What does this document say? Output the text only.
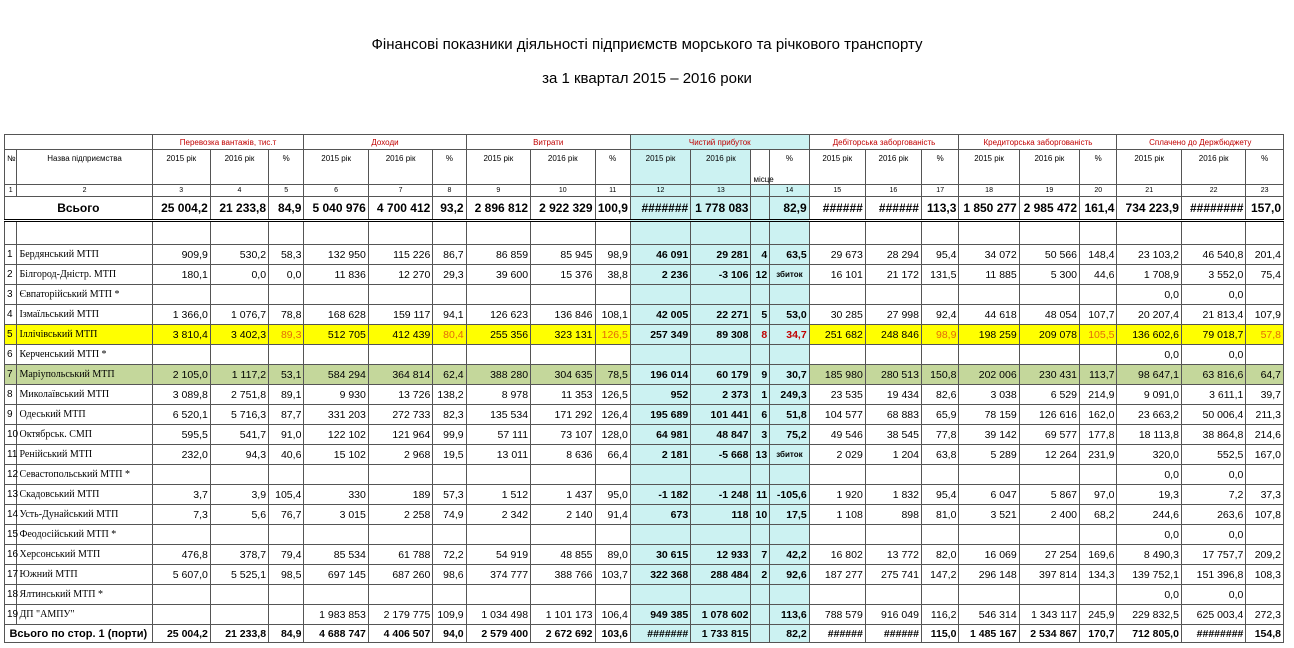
Фінансові показники діяльності підприємств морського та річкового транспорту
за 1 квартал 2015 – 2016 роки
		Перевозка вантажів, тис.т			Доходи			Витрати			Чистий прибуток				Дебіторська заборгованість			Кредиторська заборгованість			Сплачено до Держбюджету		
№	Назва підприємства	2015 рік	2016 рік	%	2015 рік	2016 рік	%	2015 рік	2016 рік	%	2015 рік	2016 рік	місце	%	2015 рік	2016 рік	%	2015 рік	2016 рік	%	2015 рік	2016 рік	%
1	2	3	4	5	6	7	8	9	10	11	12	13		14	15	16	17	18	19	20	21	22	23
Всього		25 004,2	21 233,8	84,9	5 040 976	4 700 412	93,2	2 896 812	2 922 329	100,9	#######	1 778 083		82,9	######	######	113,3	1 850 277	2 985 472	161,4	734 223,9	########	157,0

1	Бердянський МТП	909,9	530,2	58,3	132 950	115 226	86,7	86 859	85 945	98,9	46 091	29 281	4	63,5	29 673	28 294	95,4	34 072	50 566	148,4	23 103,2	46 540,8	201,4
2	Білгород-Дністр. МТП	180,1	0,0	0,0	11 836	12 270	29,3	39 600	15 376	38,8	2 236	-3 106	12	збиток	16 101	21 172	131,5	11 885	5 300	44,6	1 708,9	3 552,0	75,4
3	Євпаторійський МТП *																				0,0	0,0	
4	Ізмаїльський МТП	1 366,0	1 076,7	78,8	168 628	159 117	94,1	126 623	136 846	108,1	42 005	22 271	5	53,0	30 285	27 998	92,4	44 618	48 054	107,7	20 207,4	21 813,4	107,9
5	Іллічівський МТП	3 810,4	3 402,3	89,3	512 705	412 439	80,4	255 356	323 131	126,5	257 349	89 308	8	34,7	251 682	248 846	98,9	198 259	209 078	105,5	136 602,6	79 018,7	57,8
6	Керченський МТП *																				0,0	0,0	
7	Маріупольський МТП	2 105,0	1 117,2	53,1	584 294	364 814	62,4	388 280	304 635	78,5	196 014	60 179	9	30,7	185 980	280 513	150,8	202 006	230 431	113,7	98 647,1	63 816,6	64,7
8	Миколаївський МТП	3 089,8	2 751,8	89,1	9 930	13 726	138,2	8 978	11 353	126,5	952	2 373	1	249,3	23 535	19 434	82,6	3 038	6 529	214,9	9 091,0	3 611,1	39,7
9	Одеський МТП	6 520,1	5 716,3	87,7	331 203	272 733	82,3	135 534	171 292	126,4	195 689	101 441	6	51,8	104 577	68 883	65,9	78 159	126 616	162,0	23 663,2	50 006,4	211,3
10	Октябрськ. СМП	595,5	541,7	91,0	122 102	121 964	99,9	57 111	73 107	128,0	64 981	48 847	3	75,2	49 546	38 545	77,8	39 142	69 577	177,8	18 113,8	38 864,8	214,6
11	Ренійський МТП	232,0	94,3	40,6	15 102	2 968	19,5	13 011	8 636	66,4	2 181	-5 668	13	збиток	2 029	1 204	63,8	5 289	12 264	231,9	320,0	552,5	167,0
12	Севастопольський МТП *																				0,0	0,0	
13	Скадовський МТП	3,7	3,9	105,4	330	189	57,3	1 512	1 437	95,0	-1 182	-1 248	11	-105,6	1 920	1 832	95,4	6 047	5 867	97,0	19,3	7,2	37,3
14	Усть-Дунайський МТП	7,3	5,6	76,7	3 015	2 258	74,9	2 342	2 140	91,4	673	118	10	17,5	1 108	898	81,0	3 521	2 400	68,2	244,6	263,6	107,8
15	Феодосійський МТП *																				0,0	0,0	
16	Херсонський МТП	476,8	378,7	79,4	85 534	61 788	72,2	54 919	48 855	89,0	30 615	12 933	7	42,2	16 802	13 772	82,0	16 069	27 254	169,6	8 490,3	17 757,7	209,2
17	Южний МТП	5 607,0	5 525,1	98,5	697 145	687 260	98,6	374 777	388 766	103,7	322 368	288 484	2	92,6	187 277	275 741	147,2	296 148	397 814	134,3	139 752,1	151 396,8	108,3
18	Ялтинський МТП *																				0,0	0,0	
19	ДП "АМПУ"				1 983 853	2 179 775	109,9	1 034 498	1 101 173	106,4	949 385	1 078 602		113,6	788 579	916 049	116,2	546 314	1 343 117	245,9	229 832,5	625 003,4	272,3
Всього по стор. 1 (порти)		25 004,2	21 233,8	84,9	4 688 747	4 406 507	94,0	2 579 400	2 672 692	103,6	#######	1 733 815		82,2	######	######	115,0	1 485 167	2 534 867	170,7	712 805,0	########	154,8
